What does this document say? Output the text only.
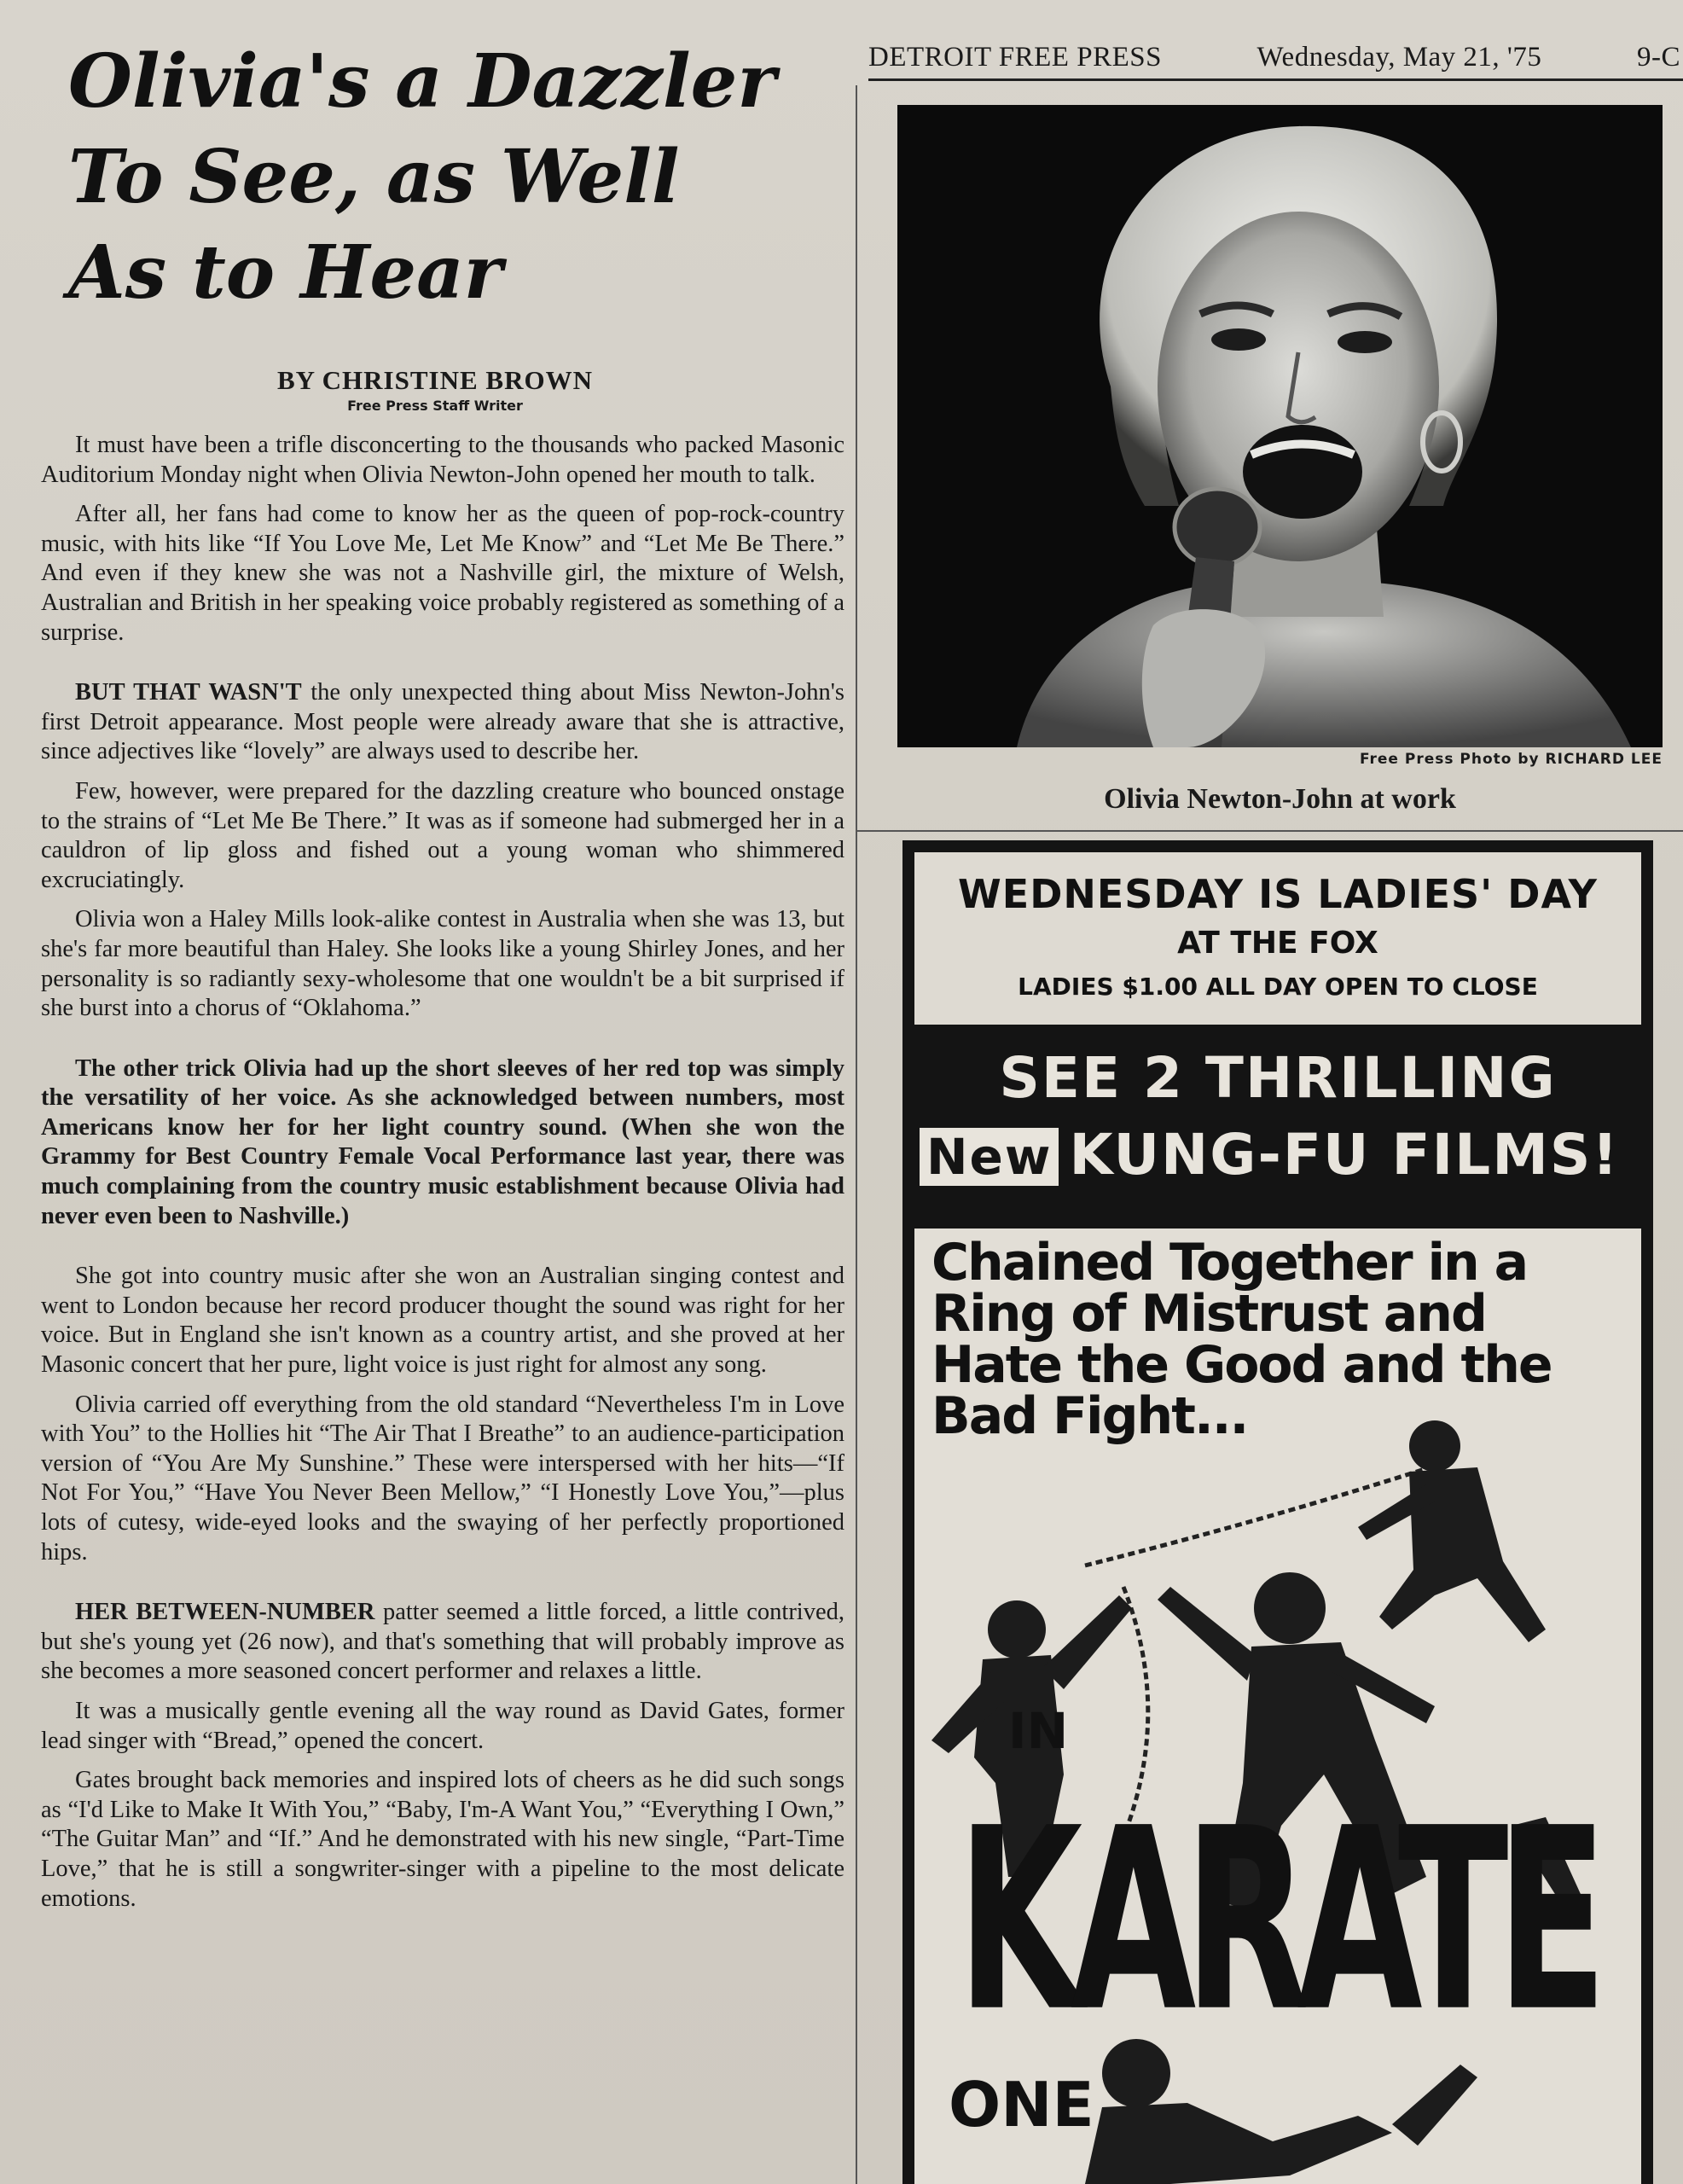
Olivia's a Dazzler
To See, as Well
As to Hear
BY CHRISTINE BROWN
Free Press Staff Writer

It must have been a trifle disconcerting to the thousands who packed Masonic Auditorium Monday night when Olivia Newton-John opened her mouth to talk.

After all, her fans had come to know her as the queen of pop-rock-country music, with hits like “If You Love Me, Let Me Know” and “Let Me Be There.” And even if they knew she was not a Nashville girl, the mixture of Welsh, Australian and British in her speaking voice probably registered as something of a surprise.

BUT THAT WASN'T the only unexpected thing about Miss Newton-John's first Detroit appearance. Most people were already aware that she is attractive, since adjectives like “lovely” are always used to describe her.

Few, however, were prepared for the dazzling creature who bounced onstage to the strains of “Let Me Be There.” It was as if someone had submerged her in a cauldron of lip gloss and fished out a young woman who shimmered excruciatingly.

Olivia won a Haley Mills look-alike contest in Australia when she was 13, but she's far more beautiful than Haley. She looks like a young Shirley Jones, and her personality is so radiantly sexy-wholesome that one wouldn't be a bit surprised if she burst into a chorus of “Oklahoma.”

The other trick Olivia had up the short sleeves of her red top was simply the versatility of her voice. As she acknowledged between numbers, most Americans know her for her light country sound. (When she won the Grammy for Best Country Female Vocal Performance last year, there was much complaining from the country music establishment because Olivia had never even been to Nashville.)

She got into country music after she won an Australian singing contest and went to London because her record producer thought the sound was right for her voice. But in England she isn't known as a country artist, and she proved at her Masonic concert that her pure, light voice is just right for almost any song.

Olivia carried off everything from the old standard “Nevertheless I'm in Love with You” to the Hollies hit “The Air That I Breathe” to an audience-participation version of “You Are My Sunshine.” These were interspersed with her hits—“If Not For You,” “Have You Never Been Mellow,” “I Honestly Love You,”—plus lots of cutesy, wide-eyed looks and the swaying of her perfectly proportioned hips.

HER BETWEEN-NUMBER patter seemed a little forced, a little contrived, but she's young yet (26 now), and that's something that will probably improve as she becomes a more seasoned concert performer and relaxes a little.

It was a musically gentle evening all the way round as David Gates, former lead singer with “Bread,” opened the concert.

Gates brought back memories and inspired lots of cheers as he did such songs as “I'd Like to Make It With You,” “Baby, I'm-A Want You,” “Everything I Own,” “The Guitar Man” and “If.” And he demonstrated with his new single, “Part-Time Love,” that he is still a songwriter-singer with a pipeline to the most delicate emotions.

DETROIT FREE PRESS	Wednesday, May 21, '75	9-C
Free Press Photo by RICHARD LEE
Olivia Newton-John at work
WEDNESDAY IS LADIES' DAY
AT THE FOX
LADIES $1.00 ALL DAY OPEN TO CLOSE
SEE 2 THRILLING
New KUNG-FU FILMS!
Chained Together in a Ring of Mistrust and Hate the Good and the Bad Fight...
IN
KARATE
ONE
